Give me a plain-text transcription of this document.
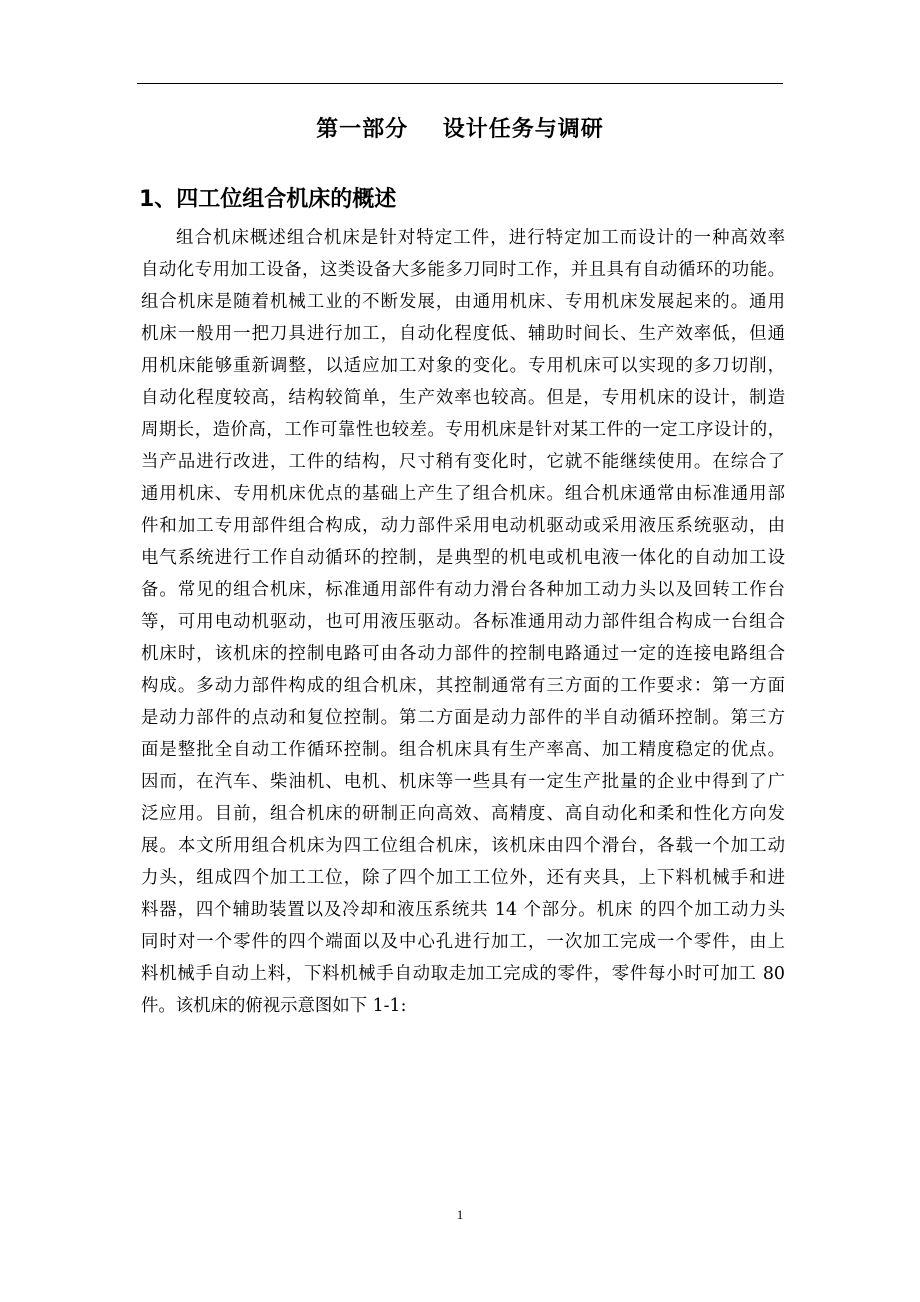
第一部分    设计任务与调研
1、四工位组合机床的概述
组合机床概述组合机床是针对特定工件，进行特定加工而设计的一种高效率
自动化专用加工设备，这类设备大多能多刀同时工作，并且具有自动循环的功能。
组合机床是随着机械工业的不断发展，由通用机床、专用机床发展起来的。通用
机床一般用一把刀具进行加工，自动化程度低、辅助时间长、生产效率低，但通
用机床能够重新调整，以适应加工对象的变化。专用机床可以实现的多刀切削，
自动化程度较高，结构较简单，生产效率也较高。但是，专用机床的设计，制造
周期长，造价高，工作可靠性也较差。专用机床是针对某工件的一定工序设计的，
当产品进行改进，工件的结构，尺寸稍有变化时，它就不能继续使用。在综合了
通用机床、专用机床优点的基础上产生了组合机床。组合机床通常由标准通用部
件和加工专用部件组合构成，动力部件采用电动机驱动或采用液压系统驱动，由
电气系统进行工作自动循环的控制，是典型的机电或机电液一体化的自动加工设
备。常见的组合机床，标准通用部件有动力滑台各种加工动力头以及回转工作台
等，可用电动机驱动，也可用液压驱动。各标准通用动力部件组合构成一台组合
机床时，该机床的控制电路可由各动力部件的控制电路通过一定的连接电路组合
构成。多动力部件构成的组合机床，其控制通常有三方面的工作要求：第一方面
是动力部件的点动和复位控制。第二方面是动力部件的半自动循环控制。第三方
面是整批全自动工作循环控制。组合机床具有生产率高、加工精度稳定的优点。
因而，在汽车、柴油机、电机、机床等一些具有一定生产批量的企业中得到了广
泛应用。目前，组合机床的研制正向高效、高精度、高自动化和柔和性化方向发
展。本文所用组合机床为四工位组合机床，该机床由四个滑台，各载一个加工动
力头，组成四个加工工位，除了四个加工工位外，还有夹具，上下料机械手和进
料器，四个辅助装置以及冷却和液压系统共 14 个部分。机床 的四个加工动力头
同时对一个零件的四个端面以及中心孔进行加工，一次加工完成一个零件，由上
料机械手自动上料，下料机械手自动取走加工完成的零件，零件每小时可加工 80
件。该机床的俯视示意图如下 1-1:
1
